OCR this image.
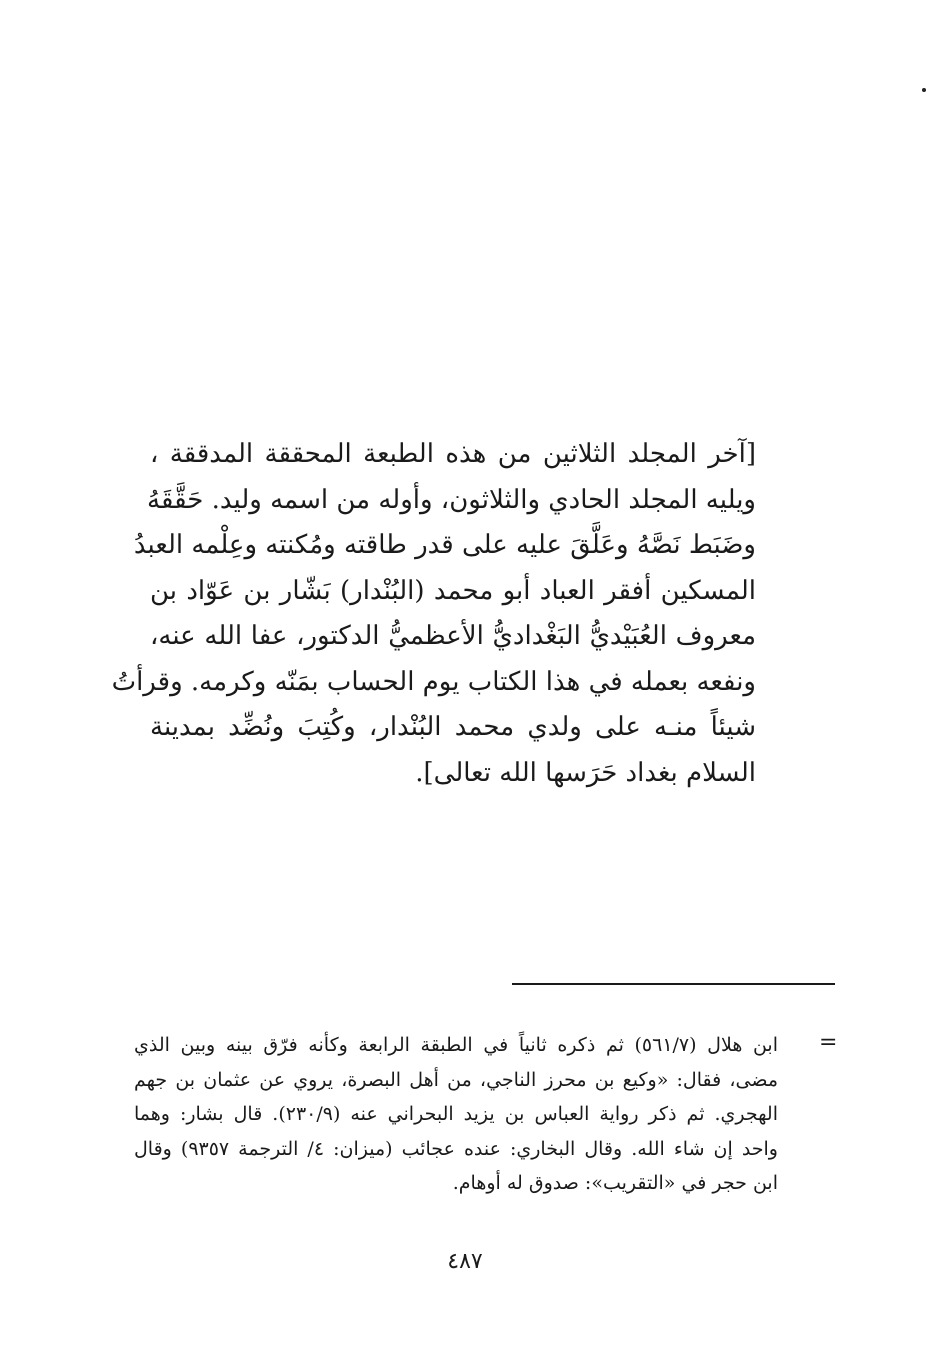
[آخر المجلد الثلاثين من هذه الطبعة المحققة المدققة ،
ويليه المجلد الحادي والثلاثون، وأوله من اسمه وليد. حَقَّقَهُ
وضَبَط نَصَّهُ وعَلَّقَ عليه على قدر طاقته ومُكنته وعِلْمه العبدُ
المسكين أفقر العباد أبو محمد (البُنْدار) بَشّار بن عَوّاد بن
معروف العُبَيْديُّ البَغْداديُّ الأعظميُّ الدكتور، عفا الله عنه،
ونفعه بعمله في هذا الكتاب يوم الحساب بمَنّه وكرمه. وقرأتُ
شيئاً منـه على ولدي محمد البُنْدار، وكُتِبَ ونُضِّد بمدينة
السلام بغداد حَرَسها الله تعالى].
=
ابن هلال (٥٦١/٧) ثم ذكره ثانياً في الطبقة الرابعة وكأنه فرّق بينه وبين الذي
مضى، فقال: «وكيع بن محرز الناجي، من أهل البصرة، يروي عن عثمان بن جهم
الهجري. ثم ذكر رواية العباس بن يزيد البحراني عنه (٢٣٠/٩). قال بشار: وهما
واحد إن شاء الله. وقال البخاري: عنده عجائب (ميزان: ٤/ الترجمة ٩٣٥٧) وقال
ابن حجر في «التقريب»: صدوق له أوهام.
٤٨٧
